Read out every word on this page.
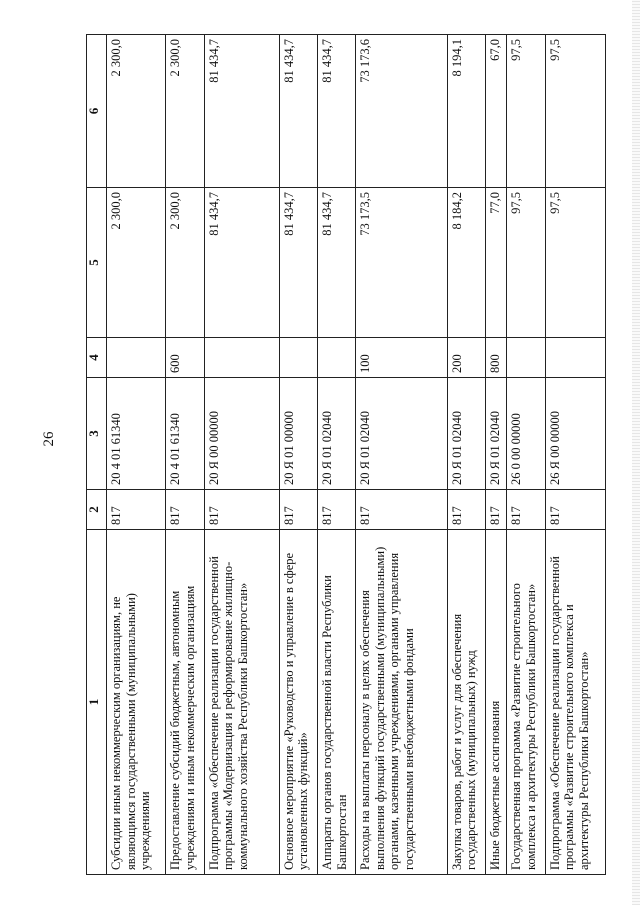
26
1	2	3	4	5	6
Субсидии иным некоммерческим организациям, не являющимся государственными (муниципальными) учреждениями	817	20 4 01 61340		2 300,0	2 300,0
Предоставление субсидий бюджетным, автономным учреждениям и иным некоммерческим организациям	817	20 4 01 61340	600	2 300,0	2 300,0
Подпрограмма «Обеспечение реализации государственной программы «Модернизация и реформирование жилищно-коммунального хозяйства Республики Башкортостан»	817	20 Я 00 00000		81 434,7	81 434,7
Основное мероприятие «Руководство и управление в сфере установленных функций»	817	20 Я 01 00000		81 434,7	81 434,7
Аппараты органов государственной власти Республики Башкортостан	817	20 Я 01 02040		81 434,7	81 434,7
Расходы на выплаты персоналу в целях обеспечения выполнения функций государственными (муниципальными) органами, казенными учреждениями, органами управления государственными внебюджетными фондами	817	20 Я 01 02040	100	73 173,5	73 173,6
Закупка товаров, работ и услуг для обеспечения государственных (муниципальных) нужд	817	20 Я 01 02040	200	8 184,2	8 194,1
Иные бюджетные ассигнования	817	20 Я 01 02040	800	77,0	67,0
Государственная программа «Развитие строительного комплекса и архитектуры Республики Башкортостан»	817	26 0 00 00000		97,5	97,5
Подпрограмма «Обеспечение реализации государственной программы «Развитие строительного комплекса и архитектуры Республики Башкортостан»	817	26 Я 00 00000		97,5	97,5
